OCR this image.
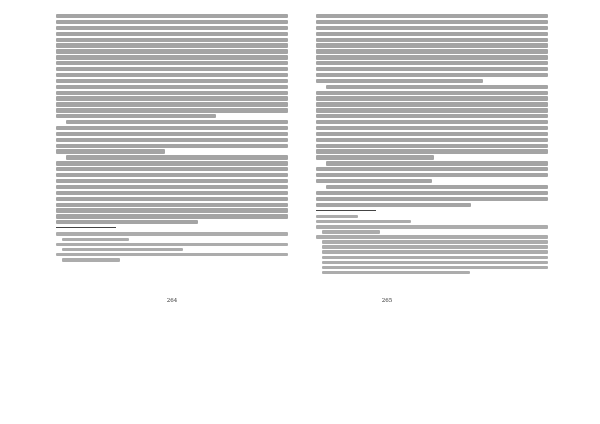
264	265
